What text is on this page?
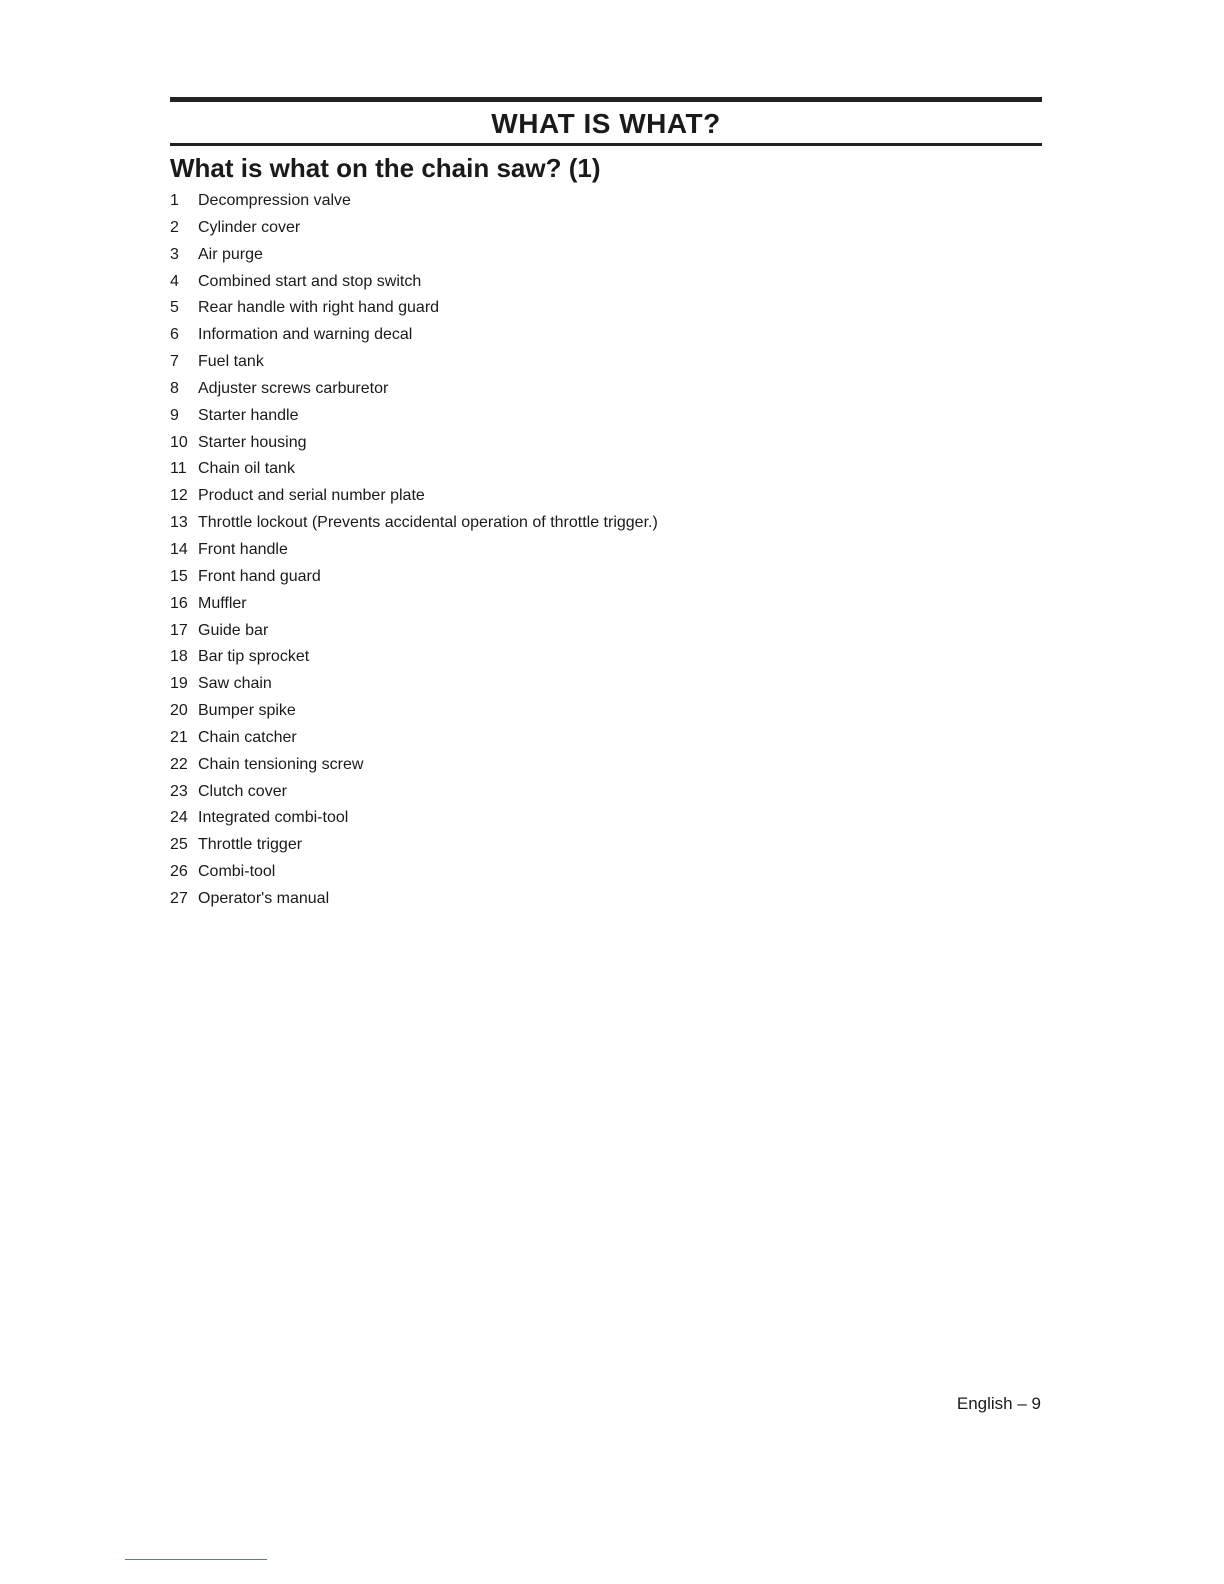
WHAT IS WHAT?
What is what on the chain saw? (1)
1 Decompression valve
2 Cylinder cover
3 Air purge
4 Combined start and stop switch
5 Rear handle with right hand guard
6 Information and warning decal
7 Fuel tank
8 Adjuster screws carburetor
9 Starter handle
10 Starter housing
11 Chain oil tank
12 Product and serial number plate
13 Throttle lockout (Prevents accidental operation of throttle trigger.)
14 Front handle
15 Front hand guard
16 Muffler
17 Guide bar
18 Bar tip sprocket
19 Saw chain
20 Bumper spike
21 Chain catcher
22 Chain tensioning screw
23 Clutch cover
24 Integrated combi-tool
25 Throttle trigger
26 Combi-tool
27 Operator's manual
English – 9
